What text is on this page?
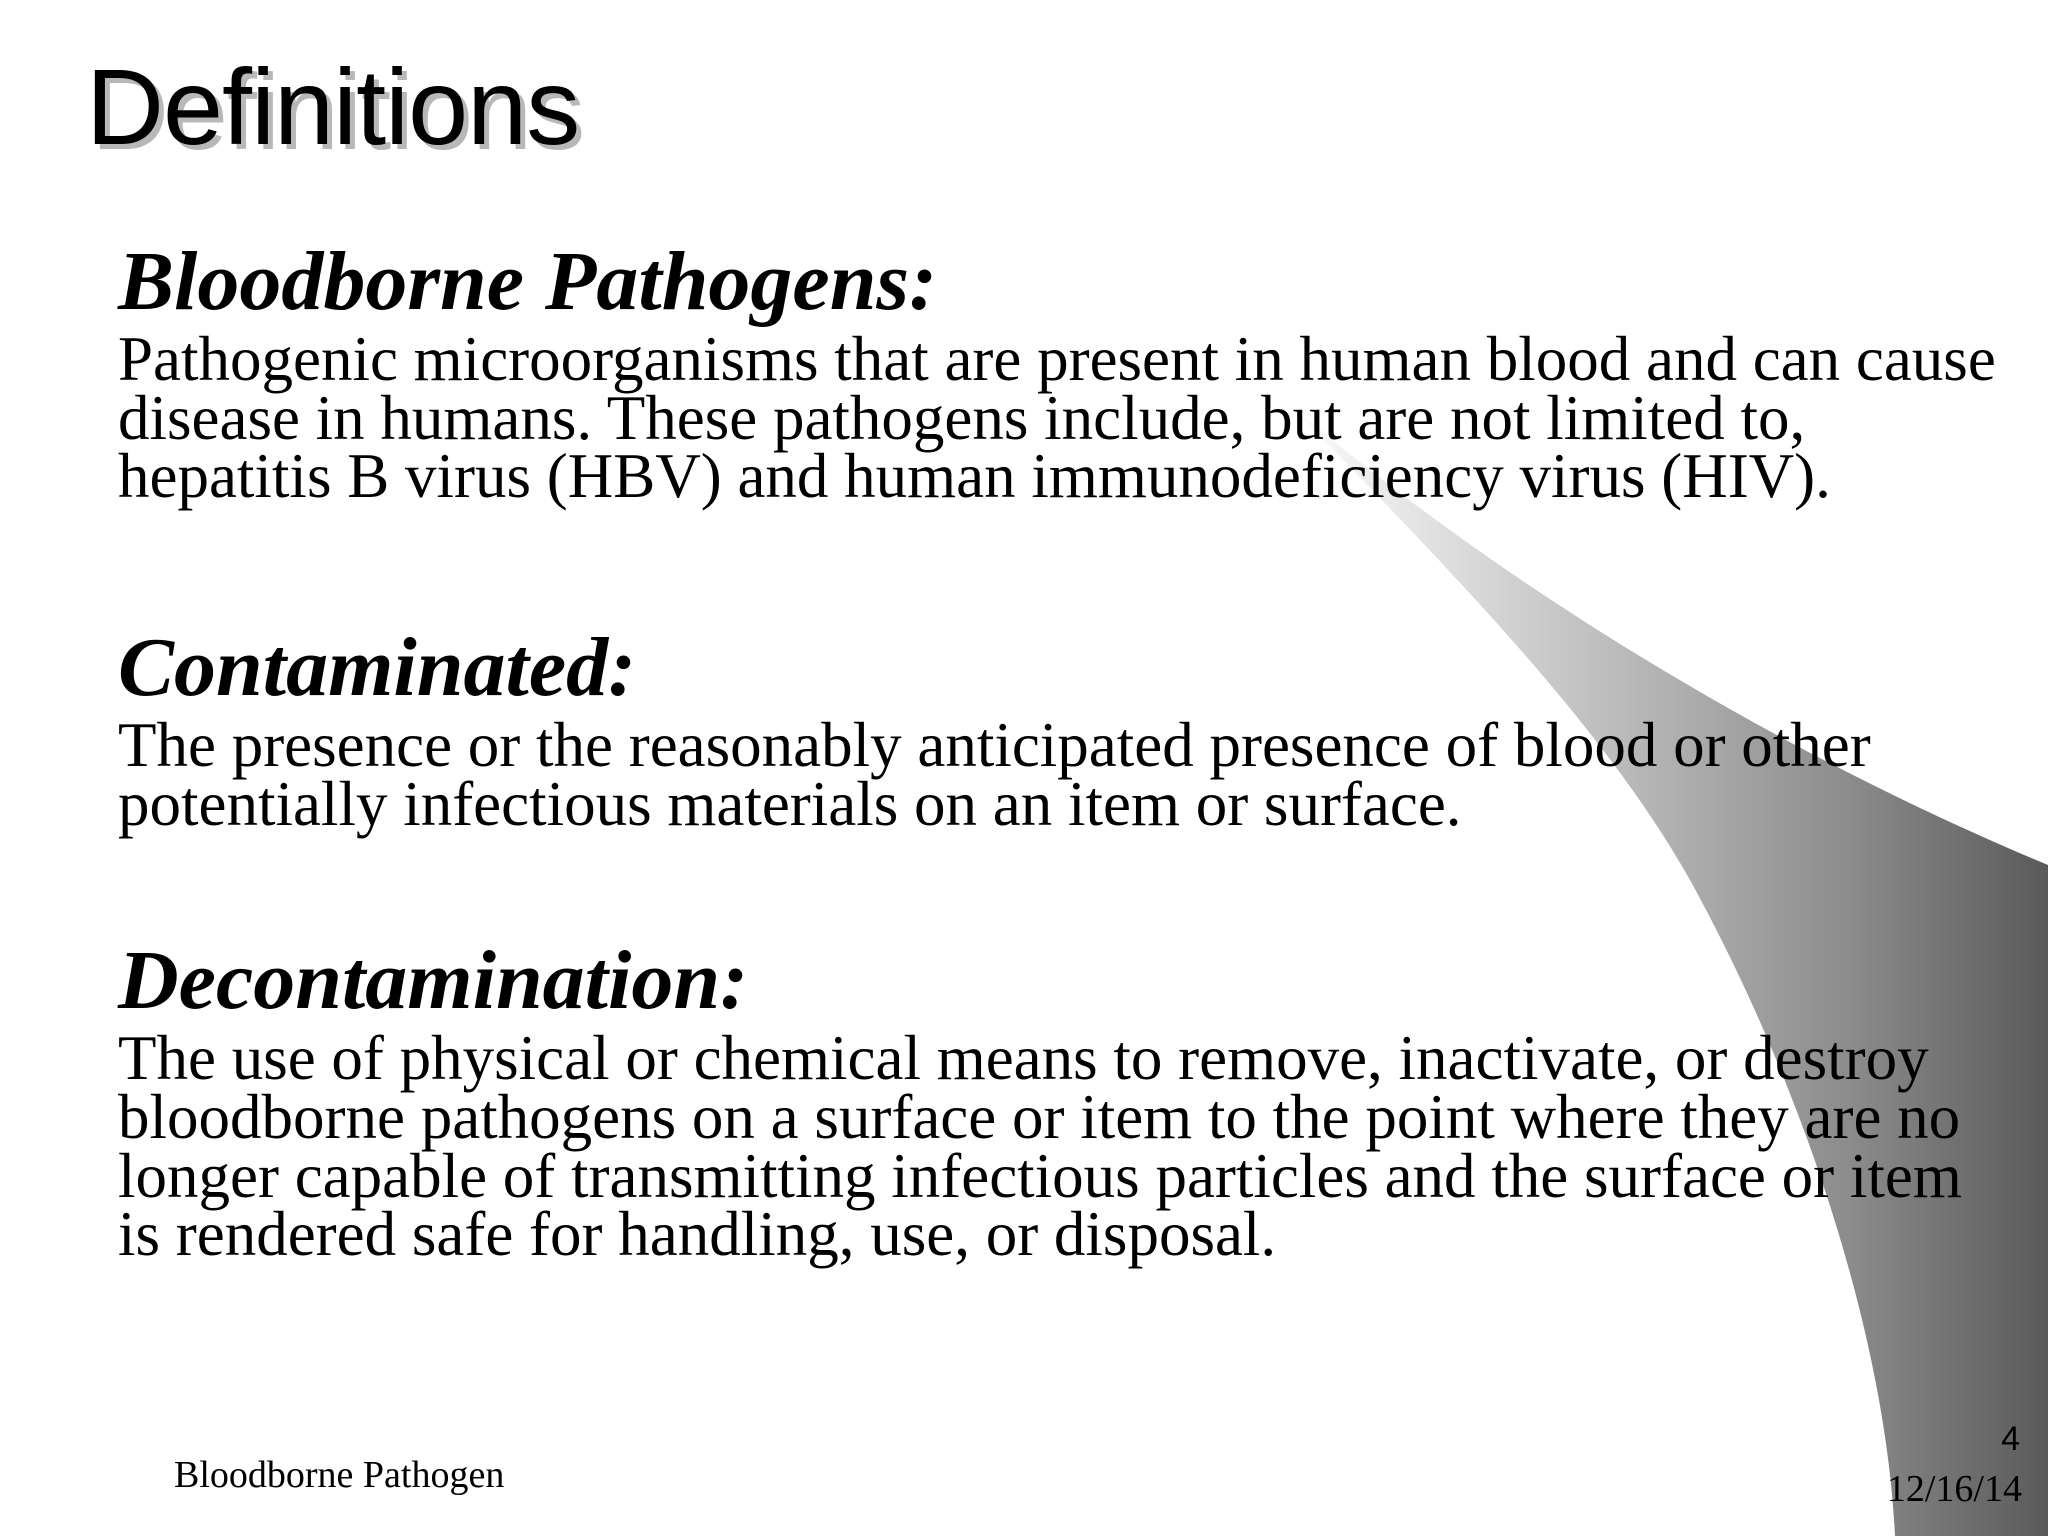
Definitions

Bloodborne Pathogens:

Pathogenic microorganisms that are present in human blood and can cause disease in humans. These pathogens include, but are not limited to, hepatitis B virus (HBV) and human immunodeficiency virus (HIV).

Contaminated:

The presence or the reasonably anticipated presence of blood or other potentially infectious materials on an item or surface.

Decontamination:

The use of physical or chemical means to remove, inactivate, or destroy bloodborne pathogens on a surface or item to the point where they are no longer capable of transmitting infectious particles and the surface or item is rendered safe for handling, use, or disposal.

Bloodborne Pathogen
4
12/16/14
